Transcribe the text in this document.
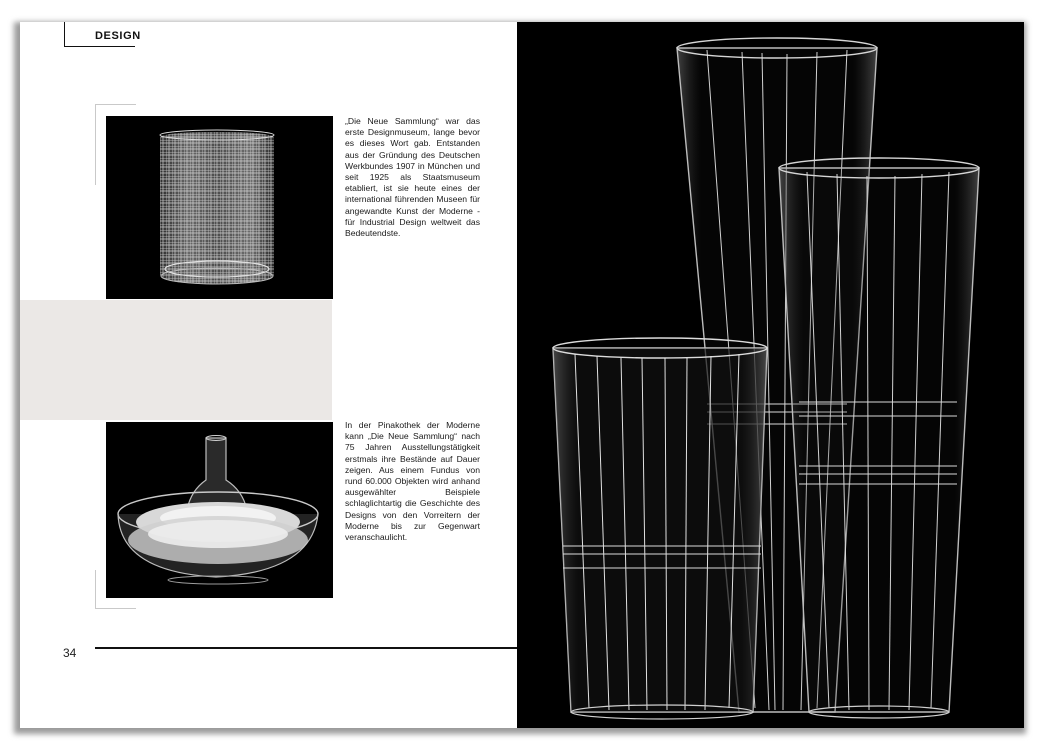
DESIGN
„Die Neue Sammlung“ war das erste Designmuseum, lange bevor es dieses Wort gab. Entstanden aus der Gründung des Deutschen Werkbundes 1907 in München und seit 1925 als Staatsmuseum etabliert, ist sie heute eines der international führenden Museen für angewandte Kunst der Moderne - für Industrial Design weltweit das Bedeutendste.
In der Pinakothek der Moderne kann „Die Neue Sammlung“ nach 75 Jahren Ausstellungstätigkeit erstmals ihre Bestände auf Dauer zeigen. Aus einem Fundus von rund 60.000 Objekten wird anhand ausgewählter Beispiele schlaglichtartig die Geschichte des Designs von den Vorreitern der Moderne bis zur Gegenwart veranschaulicht.
34
